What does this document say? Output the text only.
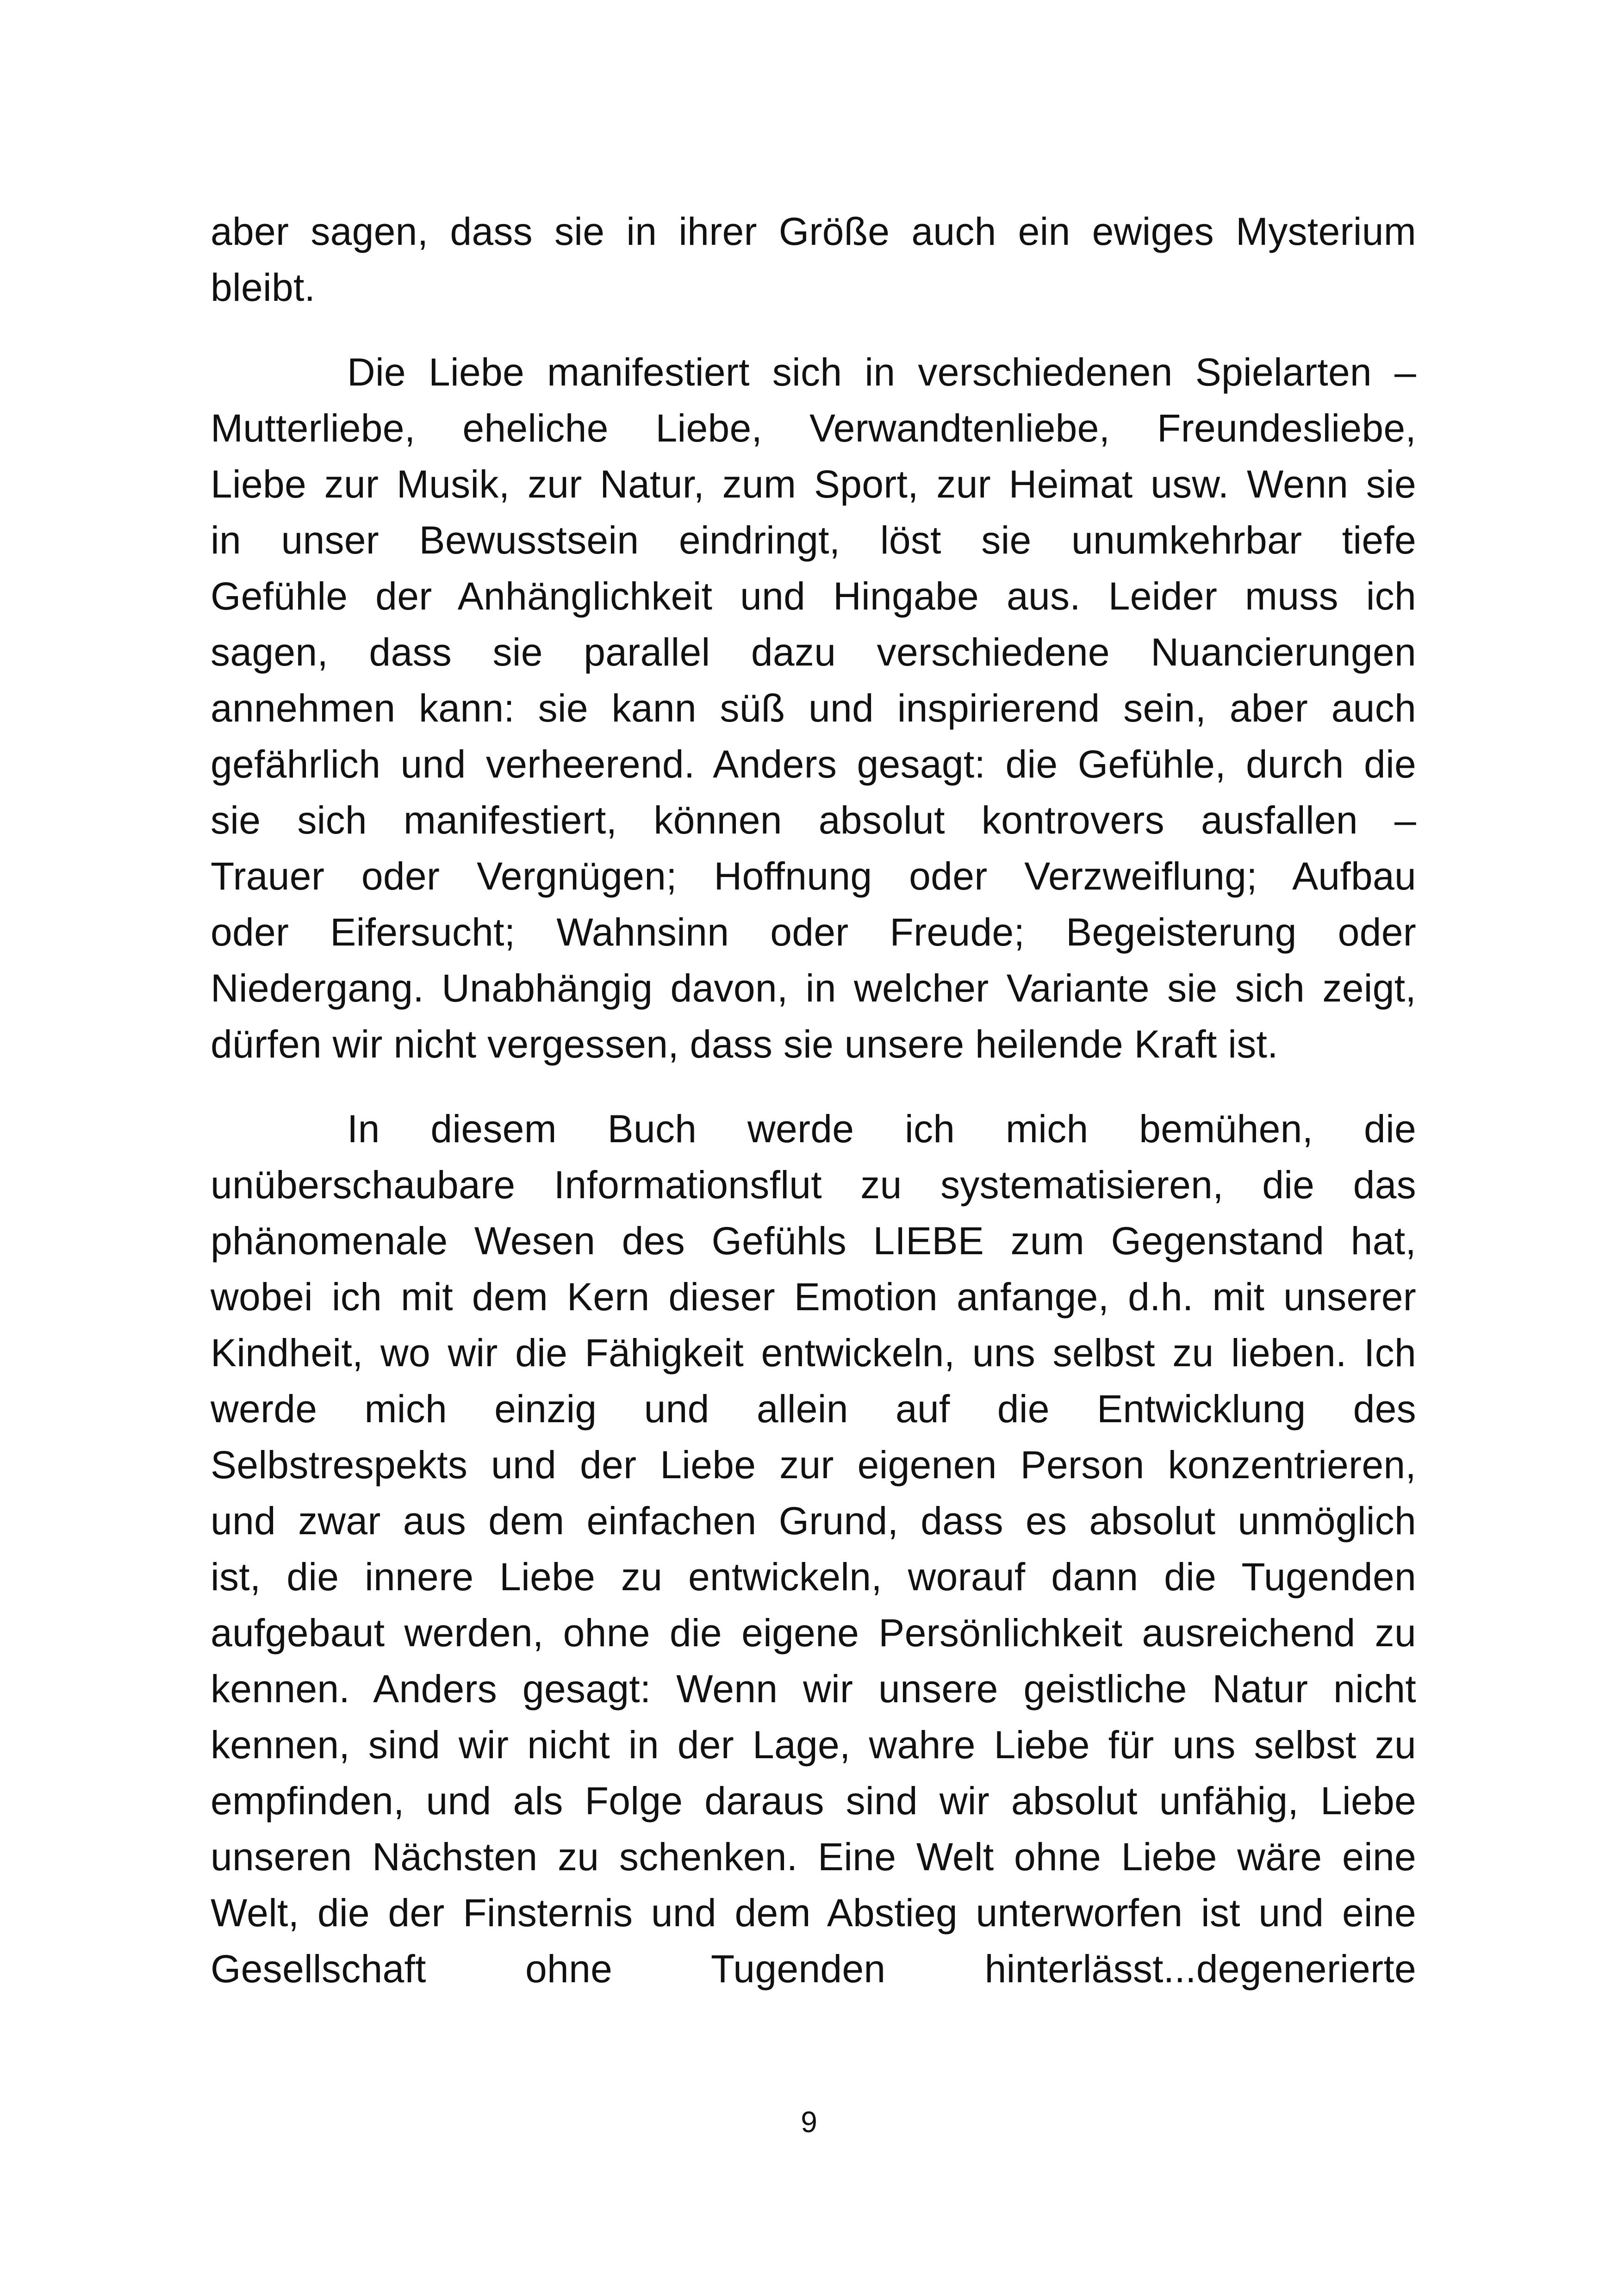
aber sagen, dass sie in ihrer Größe auch ein ewiges Mysterium
bleibt.
Die Liebe manifestiert sich in verschiedenen Spielarten –
Mutterliebe, eheliche Liebe, Verwandtenliebe, Freundesliebe,
Liebe zur Musik, zur Natur, zum Sport, zur Heimat usw. Wenn sie
in unser Bewusstsein eindringt, löst sie unumkehrbar tiefe
Gefühle der Anhänglichkeit und Hingabe aus. Leider muss ich
sagen, dass sie parallel dazu verschiedene Nuancierungen
annehmen kann: sie kann süß und inspirierend sein, aber auch
gefährlich und verheerend. Anders gesagt: die Gefühle, durch die
sie sich manifestiert, können absolut kontrovers ausfallen –
Trauer oder Vergnügen; Hoffnung oder Verzweiflung; Aufbau
oder Eifersucht; Wahnsinn oder Freude; Begeisterung oder
Niedergang. Unabhängig davon, in welcher Variante sie sich zeigt,
dürfen wir nicht vergessen, dass sie unsere heilende Kraft ist.
In diesem Buch werde ich mich bemühen, die
unüberschaubare Informationsflut zu systematisieren, die das
phänomenale Wesen des Gefühls LIEBE zum Gegenstand hat,
wobei ich mit dem Kern dieser Emotion anfange, d.h. mit unserer
Kindheit, wo wir die Fähigkeit entwickeln, uns selbst zu lieben. Ich
werde mich einzig und allein auf die Entwicklung des
Selbstrespekts und der Liebe zur eigenen Person konzentrieren,
und zwar aus dem einfachen Grund, dass es absolut unmöglich
ist, die innere Liebe zu entwickeln, worauf dann die Tugenden
aufgebaut werden, ohne die eigene Persönlichkeit ausreichend zu
kennen. Anders gesagt: Wenn wir unsere geistliche Natur nicht
kennen, sind wir nicht in der Lage, wahre Liebe für uns selbst zu
empfinden, und als Folge daraus sind wir absolut unfähig, Liebe
unseren Nächsten zu schenken. Eine Welt ohne Liebe wäre eine
Welt, die der Finsternis und dem Abstieg unterworfen ist und eine
Gesellschaft ohne Tugenden hinterlässt...degenerierte
9
